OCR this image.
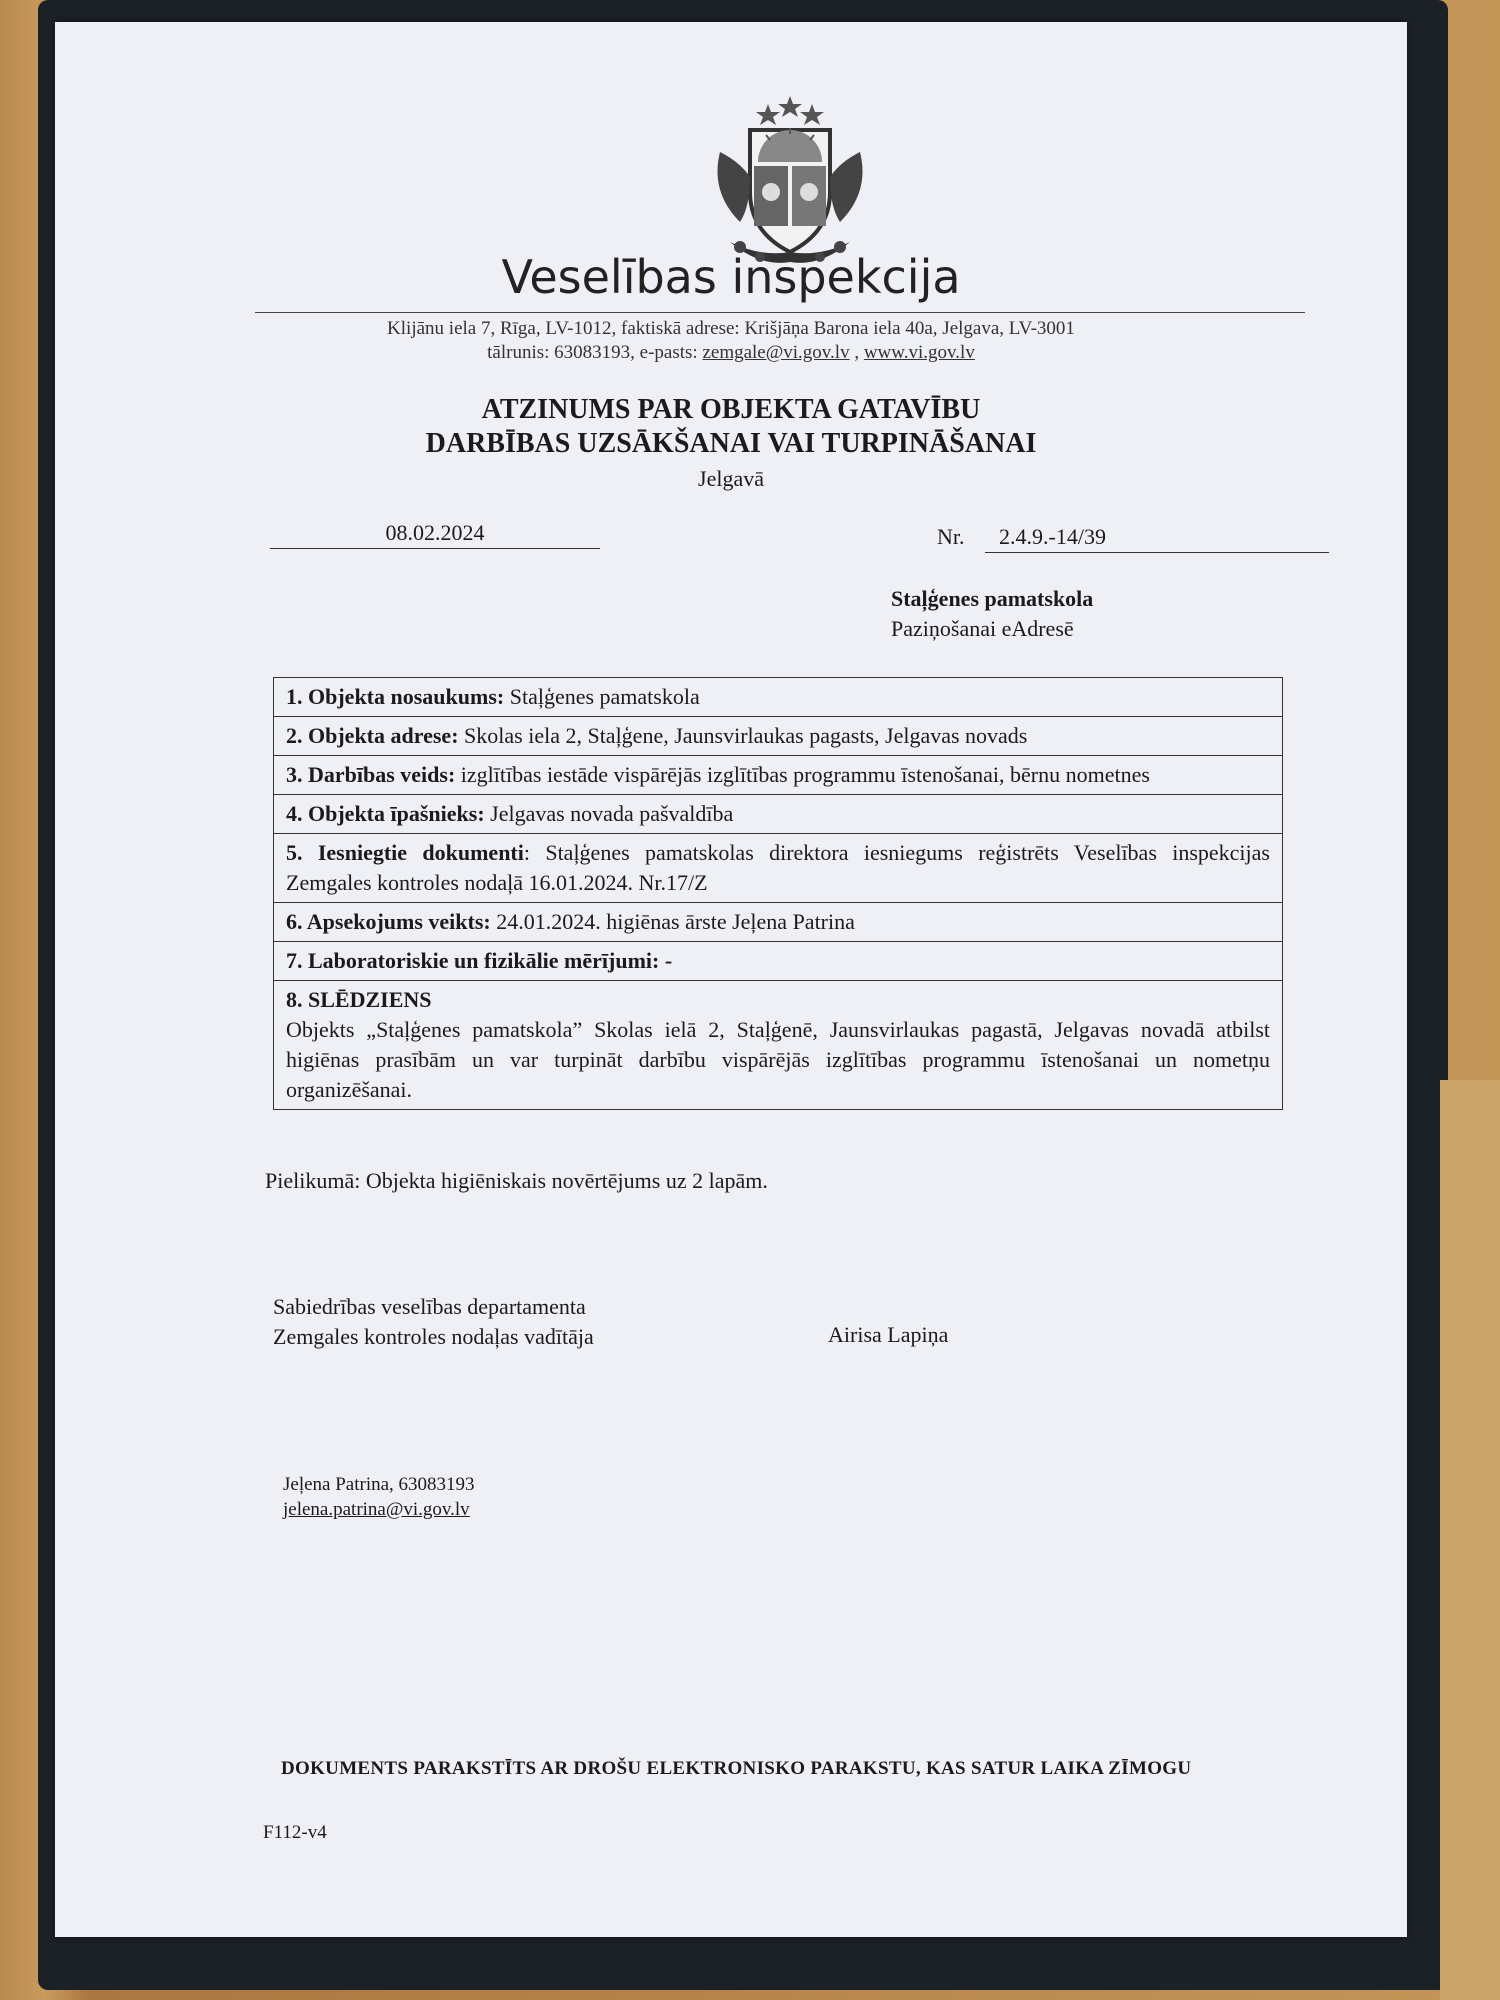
Veselības inspekcija
Klijānu iela 7, Rīga, LV-1012, faktiskā adrese: Krišjāņa Barona iela 40a, Jelgava, LV-3001
tālrunis: 63083193, e-pasts: zemgale@vi.gov.lv , www.vi.gov.lv
ATZINUMS PAR OBJEKTA GATAVĪBU
DARBĪBAS UZSĀKŠANAI VAI TURPINĀŠANAI
Jelgavā
08.02.2024	Nr.	2.4.9.-14/39
Staļģenes pamatskola
Paziņošanai eAdresē
1. Objekta nosaukums: Staļģenes pamatskola
2. Objekta adrese: Skolas iela 2, Staļģene, Jaunsvirlaukas pagasts, Jelgavas novads
3. Darbības veids: izglītības iestāde vispārējās izglītības programmu īstenošanai, bērnu nometnes
4. Objekta īpašnieks: Jelgavas novada pašvaldība
5. Iesniegtie dokumenti: Staļģenes pamatskolas direktora iesniegums reģistrēts Veselības inspekcijas Zemgales kontroles nodaļā 16.01.2024. Nr.17/Z
6. Apsekojums veikts: 24.01.2024. higiēnas ārste Jeļena Patrina
7. Laboratoriskie un fizikālie mērījumi: -

8. SLĒDZIENS
Objekts „Staļģenes pamatskola” Skolas ielā 2, Staļģenē, Jaunsvirlaukas pagastā, Jelgavas novadā atbilst higiēnas prasībām un var turpināt darbību vispārējās izglītības programmu īstenošanai un nometņu organizēšanai.
Pielikumā: Objekta higiēniskais novērtējums uz 2 lapām.
Sabiedrības veselības departamenta
Zemgales kontroles nodaļas vadītāja	Airisa Lapiņa
Jeļena Patrina, 63083193
jelena.patrina@vi.gov.lv
DOKUMENTS PARAKSTĪTS AR DROŠU ELEKTRONISKO PARAKSTU, KAS SATUR LAIKA ZĪMOGU
F112-v4
